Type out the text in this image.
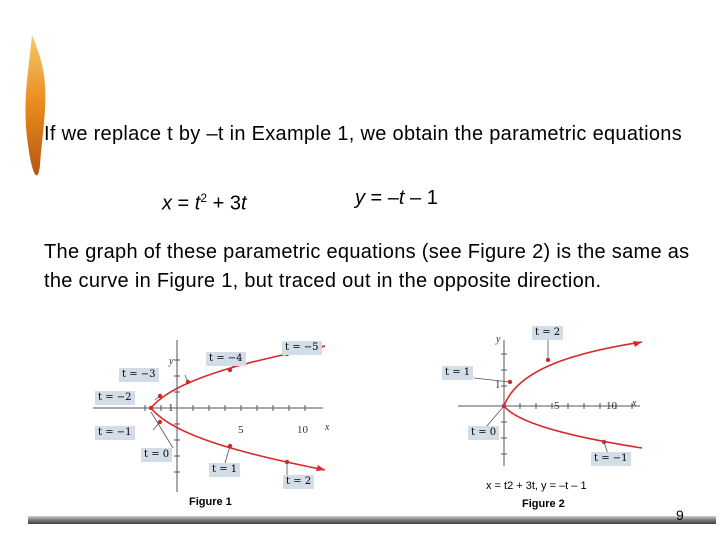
If we replace t by –t in Example 1, we obtain the parametric equations

$x = t^2 + 3t$	y = –t – 1

The graph of these parametric equations (see Figure 2) is the same as the curve in Figure 1, but traced out in the opposite direction.

t = −5
t = −4
t = −3
t = −2
t = −1
t = 0
t = 1
t = 2
5	10
1
x
y
Figure 1
t = 2
t = 1
t = 0
t = −1
5	10
1
x
y
x = t2 + 3t, y = –t – 1
Figure 2
9
